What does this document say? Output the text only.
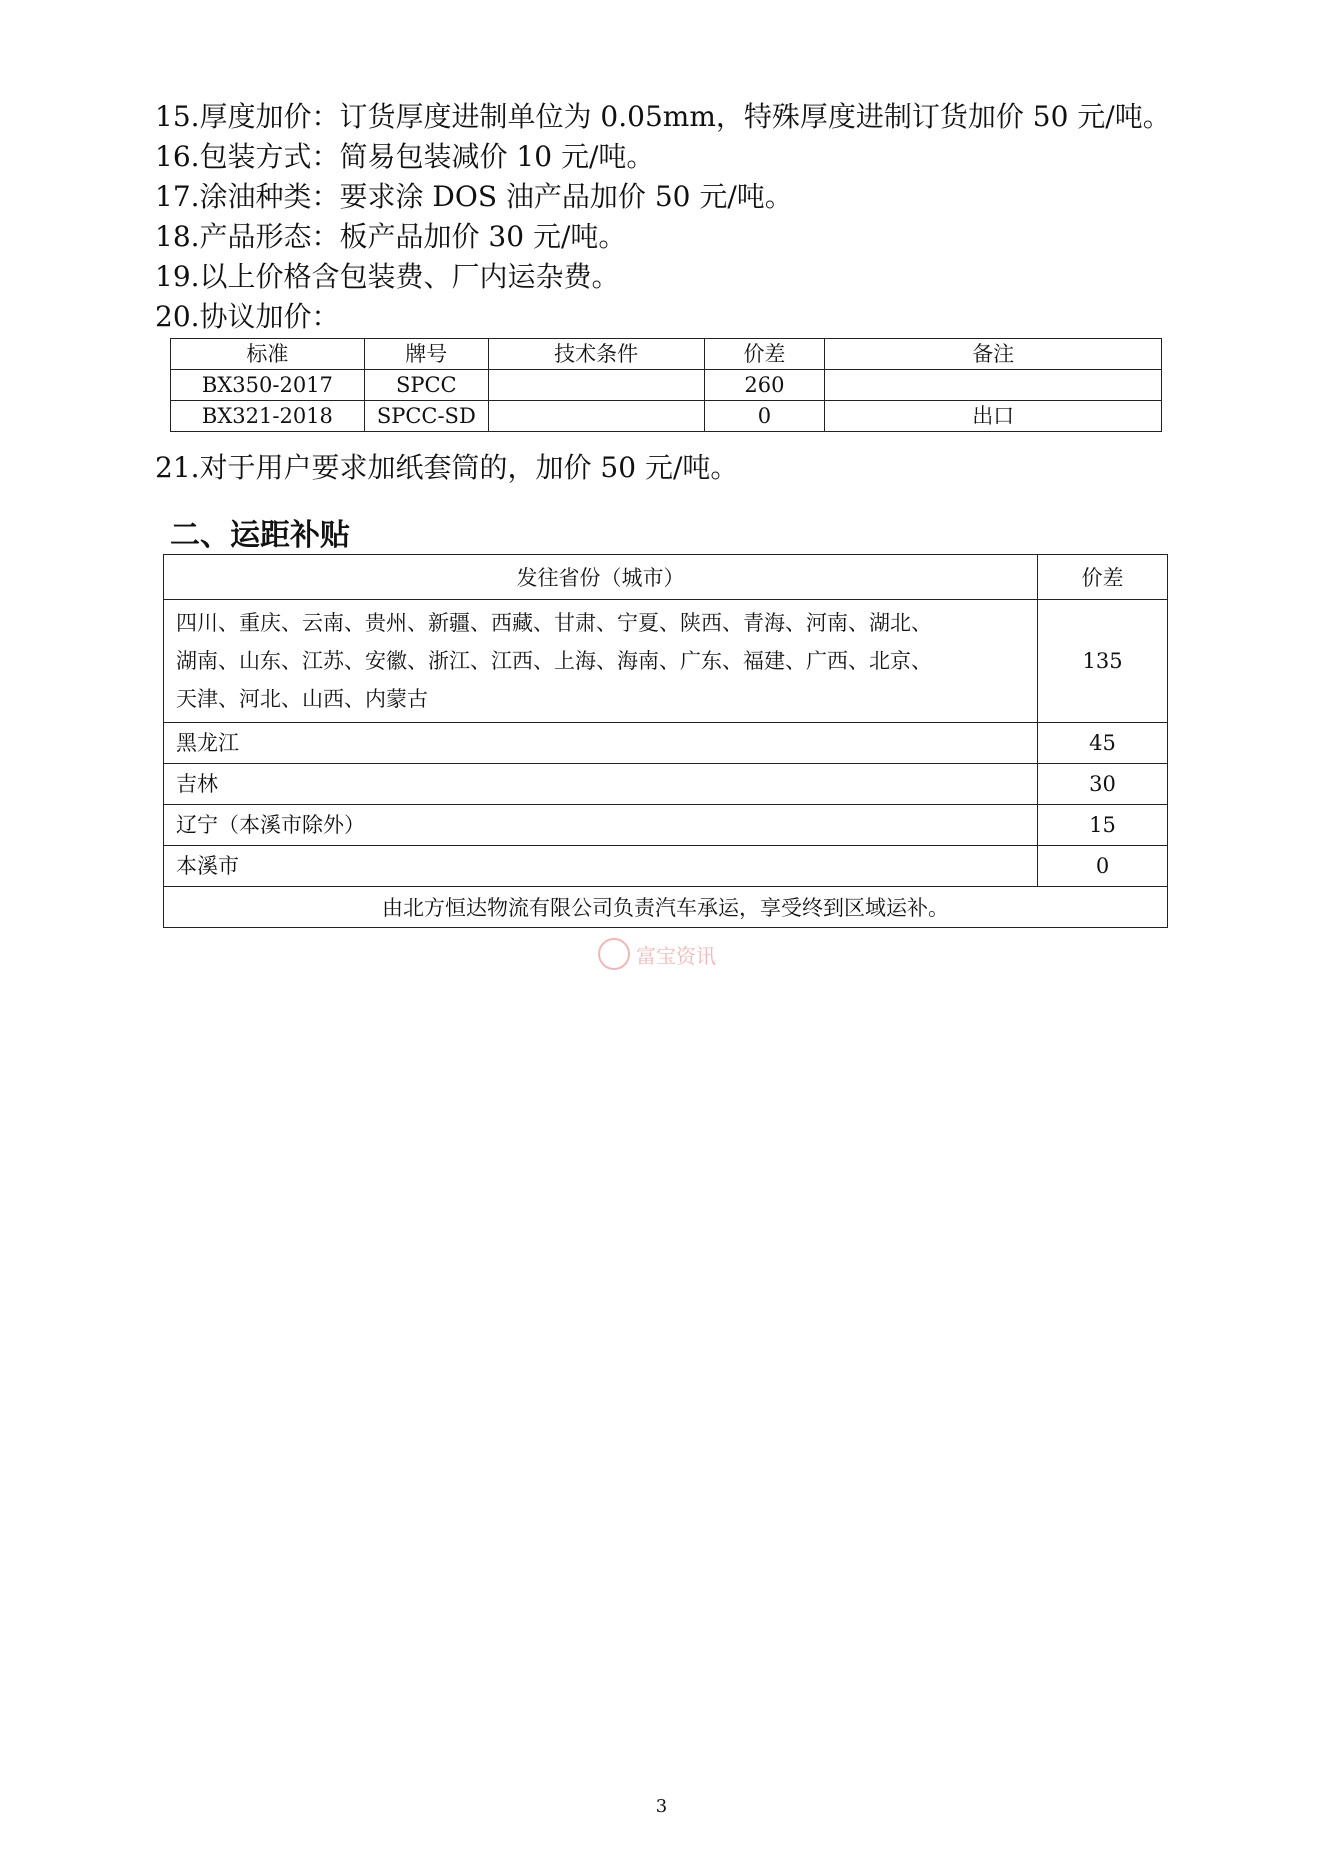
15.厚度加价：订货厚度进制单位为 0.05mm，特殊厚度进制订货加价 50 元/吨。
16.包装方式：简易包装减价 10 元/吨。
17.涂油种类：要求涂 DOS 油产品加价 50 元/吨。
18.产品形态：板产品加价 30 元/吨。
19.以上价格含包装费、厂内运杂费。
20.协议加价：
标准	牌号	技术条件	价差	备注
BX350-2017	SPCC		260	
BX321-2018	SPCC-SD		0	出口
21.对于用户要求加纸套筒的，加价 50 元/吨。
二、运距补贴
发往省份（城市）	价差

四川、重庆、云南、贵州、新疆、西藏、甘肃、宁夏、陕西、青海、河南、湖北、
湖南、山东、江苏、安徽、浙江、江西、上海、海南、广东、福建、广西、北京、
天津、河北、山西、内蒙古	135
黑龙江	45
吉林	30
辽宁（本溪市除外）	15
本溪市	0
由北方恒达物流有限公司负责汽车承运，享受终到区域运补。	
富宝资讯
3
